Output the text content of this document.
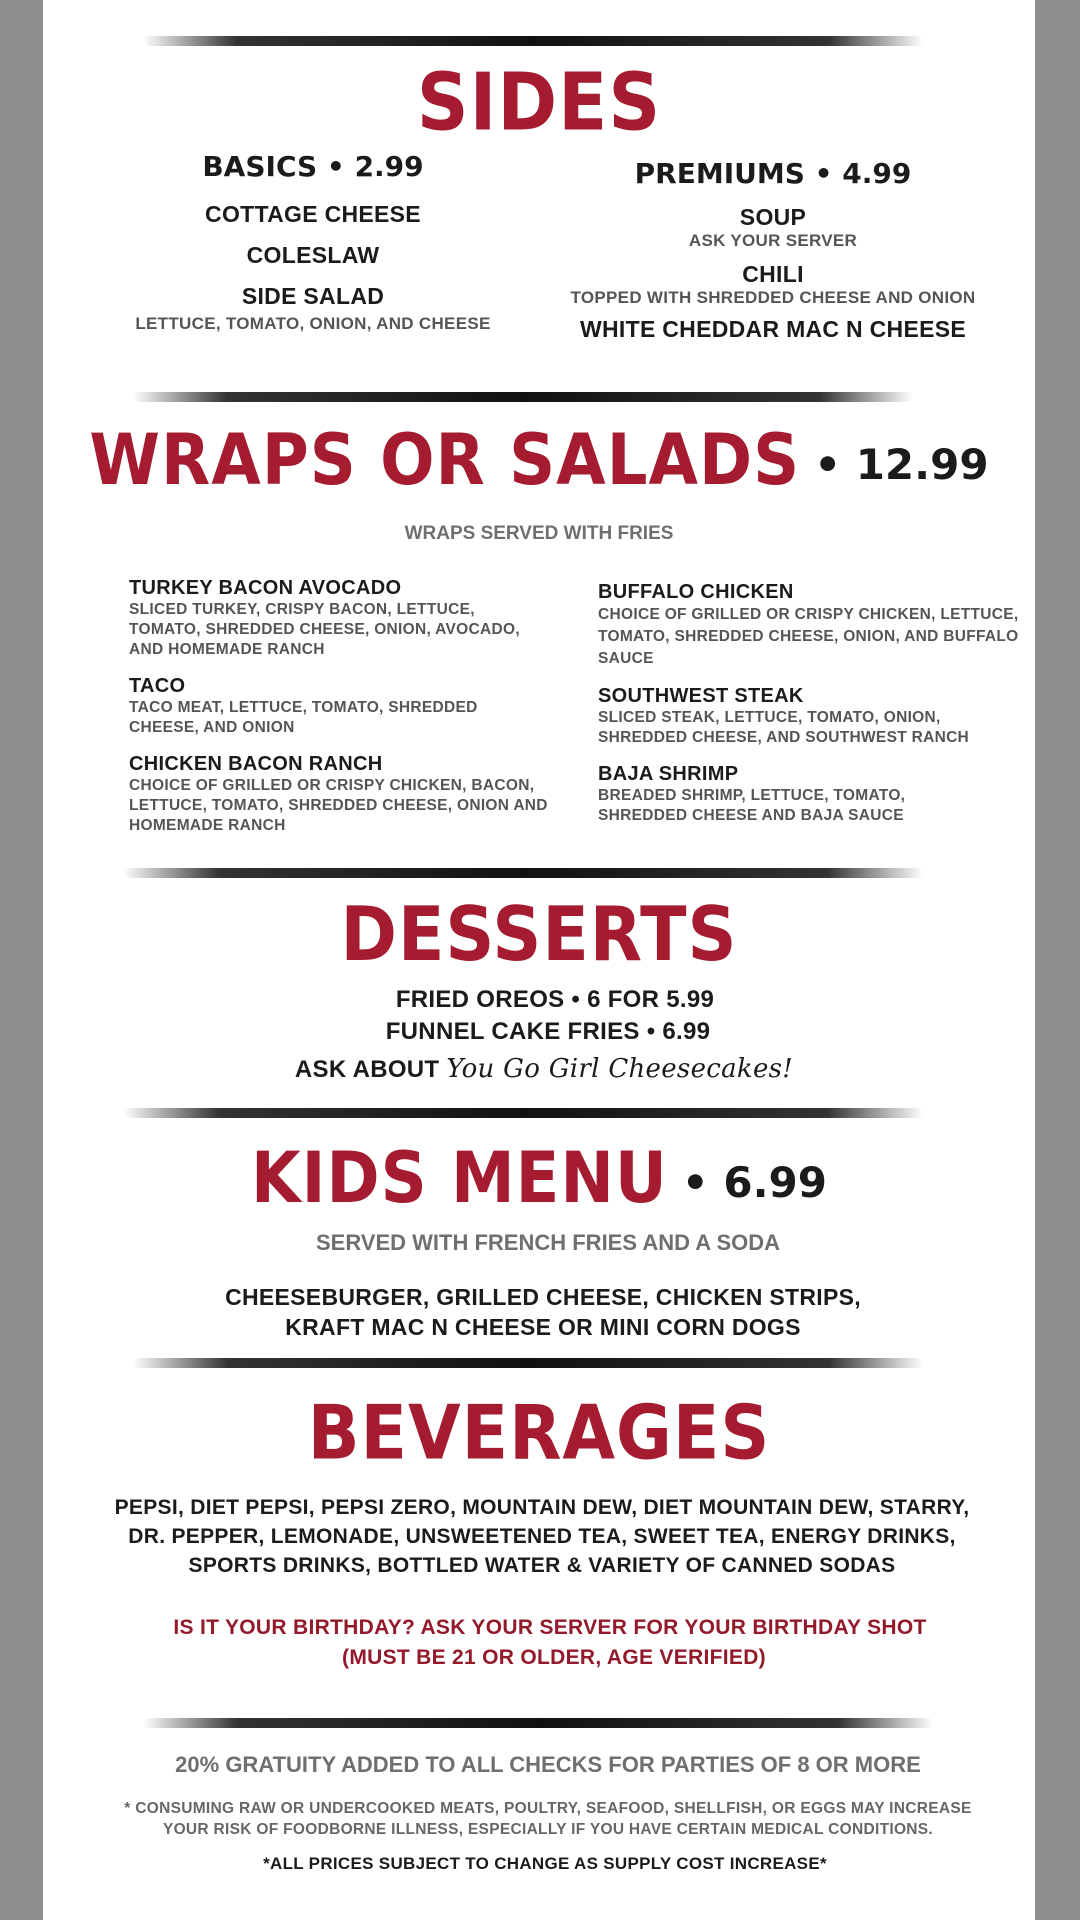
SIDES
BASICS • 2.99
COTTAGE CHEESE
COLESLAW
SIDE SALAD
LETTUCE, TOMATO, ONION, AND CHEESE
PREMIUMS • 4.99
SOUP
ASK YOUR SERVER
CHILI
TOPPED WITH SHREDDED CHEESE AND ONION
WHITE CHEDDAR MAC N CHEESE
WRAPS OR SALADS • 12.99
WRAPS SERVED WITH FRIES
TURKEY BACON AVOCADO
SLICED TURKEY, CRISPY BACON, LETTUCE, TOMATO, SHREDDED CHEESE, ONION, AVOCADO, AND HOMEMADE RANCH
TACO
TACO MEAT, LETTUCE, TOMATO, SHREDDED CHEESE, AND ONION
CHICKEN BACON RANCH
CHOICE OF GRILLED OR CRISPY CHICKEN, BACON, LETTUCE, TOMATO, SHREDDED CHEESE, ONION AND HOMEMADE RANCH
BUFFALO CHICKEN
CHOICE OF GRILLED OR CRISPY CHICKEN, LETTUCE, TOMATO, SHREDDED CHEESE, ONION, AND BUFFALO SAUCE
SOUTHWEST STEAK
SLICED STEAK, LETTUCE, TOMATO, ONION, SHREDDED CHEESE, AND SOUTHWEST RANCH
BAJA SHRIMP
BREADED SHRIMP, LETTUCE, TOMATO, SHREDDED CHEESE AND BAJA SAUCE
DESSERTS
FRIED OREOS • 6 FOR 5.99
FUNNEL CAKE FRIES • 6.99
ASK ABOUT You Go Girl Cheesecakes!
KIDS MENU • 6.99
SERVED WITH FRENCH FRIES AND A SODA
CHEESEBURGER, GRILLED CHEESE, CHICKEN STRIPS,
KRAFT MAC N CHEESE OR MINI CORN DOGS
BEVERAGES
PEPSI, DIET PEPSI, PEPSI ZERO, MOUNTAIN DEW, DIET MOUNTAIN DEW, STARRY,
DR. PEPPER, LEMONADE, UNSWEETENED TEA, SWEET TEA, ENERGY DRINKS,
SPORTS DRINKS, BOTTLED WATER & VARIETY OF CANNED SODAS
IS IT YOUR BIRTHDAY? ASK YOUR SERVER FOR YOUR BIRTHDAY SHOT
(MUST BE 21 OR OLDER, AGE VERIFIED)
20% GRATUITY ADDED TO ALL CHECKS FOR PARTIES OF 8 OR MORE
* CONSUMING RAW OR UNDERCOOKED MEATS, POULTRY, SEAFOOD, SHELLFISH, OR EGGS MAY INCREASE
YOUR RISK OF FOODBORNE ILLNESS, ESPECIALLY IF YOU HAVE CERTAIN MEDICAL CONDITIONS.
*ALL PRICES SUBJECT TO CHANGE AS SUPPLY COST INCREASE*
